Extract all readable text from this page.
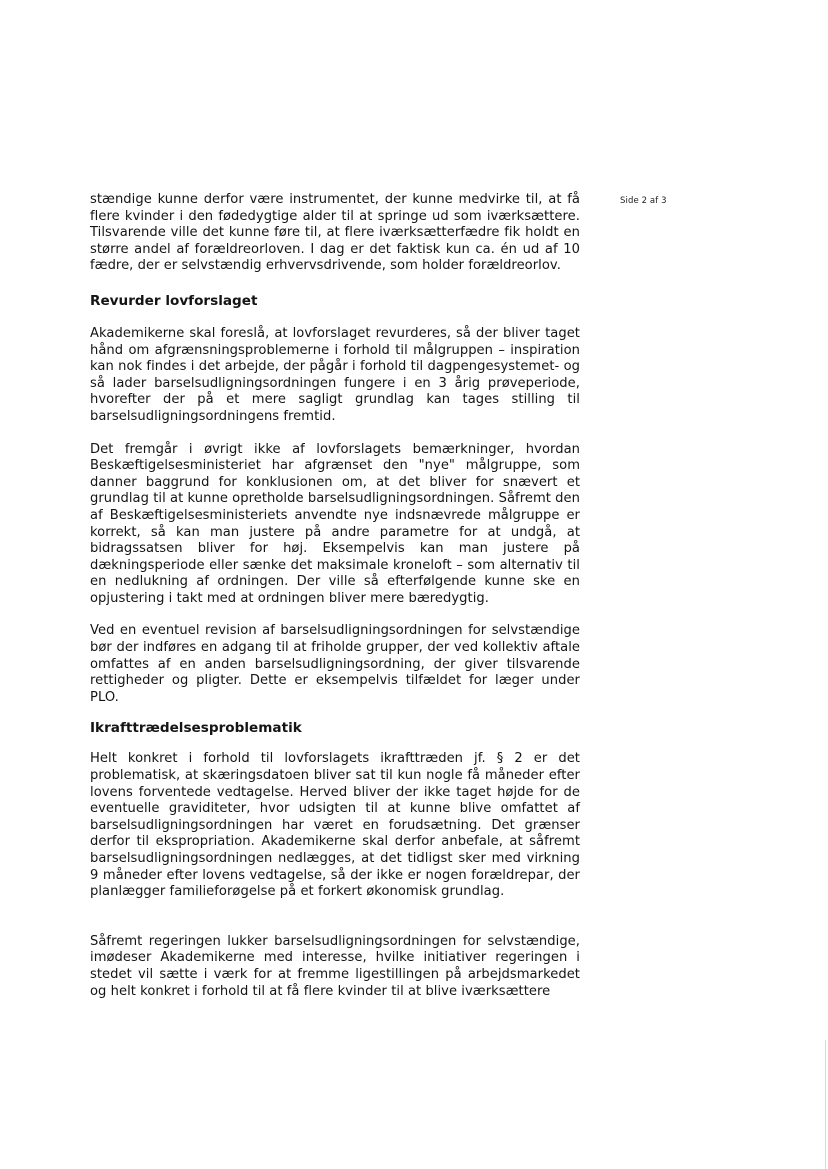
Side 2 af 3

stændige kunne derfor være instrumentet, der kunne medvirke til, at få flere kvinder i den fødedygtige alder til at springe ud som iværksættere. Tilsvarende ville det kunne føre til, at flere iværksætterfædre fik holdt en større andel af forældreorloven. I dag er det faktisk kun ca. én ud af 10 fædre, der er selvstændig erhvervsdrivende, som holder forældreorlov.

Revurder lovforslaget

Akademikerne skal foreslå, at lovforslaget revurderes, så der bliver taget hånd om afgrænsningsproblemerne i forhold til målgruppen – inspiration kan nok findes i det arbejde, der pågår i forhold til dagpengesystemet- og så lader barselsudligningsordningen fungere i en 3 årig prøveperiode, hvorefter der på et mere sagligt grundlag kan tages stilling til barselsudligningsordningens fremtid.

Det fremgår i øvrigt ikke af lovforslagets bemærkninger, hvordan Beskæftigelsesministeriet har afgrænset den "nye" målgruppe, som danner baggrund for konklusionen om, at det bliver for snævert et grundlag til at kunne opretholde barselsudligningsordningen. Såfremt den af Beskæftigelsesministeriets anvendte nye indsnævrede målgruppe er korrekt, så kan man justere på andre parametre for at undgå, at bidragssatsen bliver for høj. Eksempelvis kan man justere på dækningsperiode eller sænke det maksimale kroneloft – som alternativ til en nedlukning af ordningen. Der ville så efterfølgende kunne ske en opjustering i takt med at ordningen bliver mere bæredygtig.

Ved en eventuel revision af barselsudligningsordningen for selvstændige bør der indføres en adgang til at friholde grupper, der ved kollektiv aftale omfattes af en anden barselsudligningsordning, der giver tilsvarende rettigheder og pligter. Dette er eksempelvis tilfældet for læger under PLO.

Ikrafttrædelsesproblematik

Helt konkret i forhold til lovforslagets ikrafttræden jf. § 2 er det problematisk, at skæringsdatoen bliver sat til kun nogle få måneder efter lovens forventede vedtagelse. Herved bliver der ikke taget højde for de eventuelle graviditeter, hvor udsigten til at kunne blive omfattet af barselsudligningsordningen har været en forudsætning. Det grænser derfor til ekspropriation. Akademikerne skal derfor anbefale, at såfremt barselsudligningsordningen nedlægges, at det tidligst sker med virkning 9 måneder efter lovens vedtagelse, så der ikke er nogen forældrepar, der planlægger familieforøgelse på et forkert økonomisk grundlag.

Såfremt regeringen lukker barselsudligningsordningen for selvstændige, imødeser Akademikerne med interesse, hvilke initiativer regeringen i stedet vil sætte i værk for at fremme ligestillingen på arbejdsmarkedet og helt konkret i forhold til at få flere kvinder til at blive iværksættere
